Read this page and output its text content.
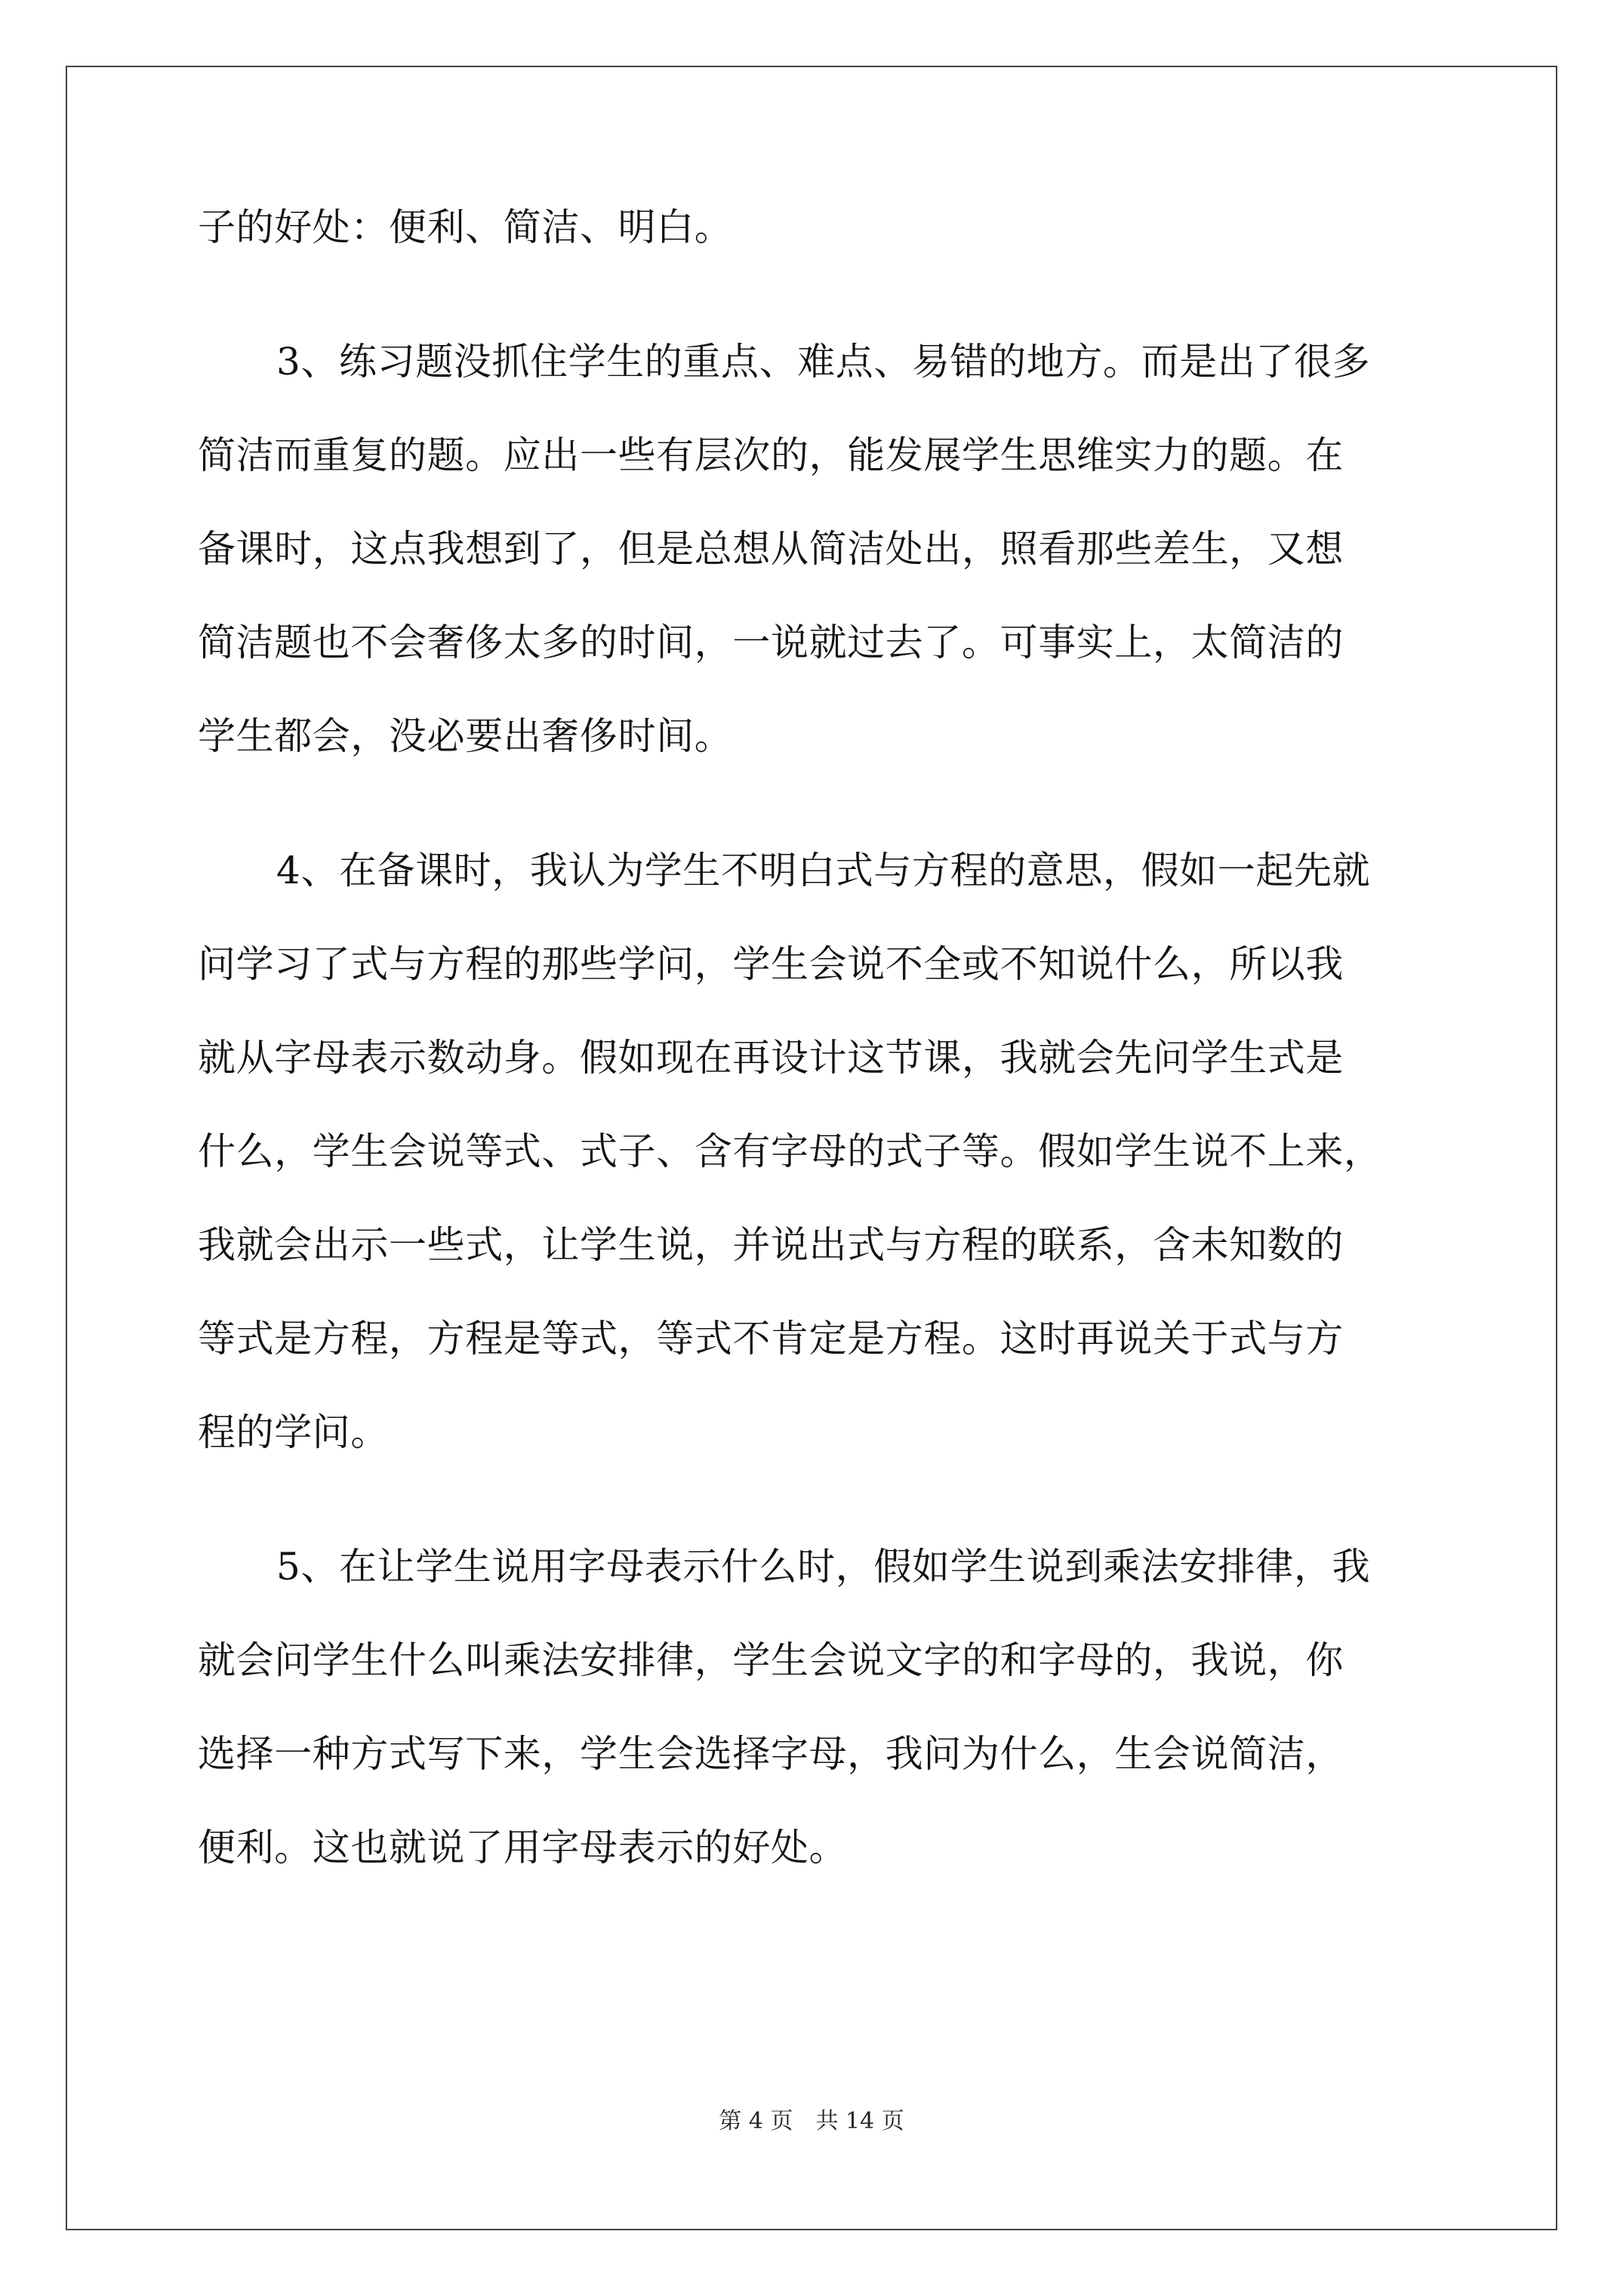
子的好处：便利、简洁、明白。
3、练习题没抓住学生的重点、难点、易错的地方。而是出了很多
简洁而重复的题。应出一些有层次的，能发展学生思维实力的题。在
备课时，这点我想到了，但是总想从简洁处出，照看那些差生，又想
简洁题也不会奢侈太多的时间，一说就过去了。可事实上，太简洁的
学生都会，没必要出奢侈时间。
4、在备课时，我认为学生不明白式与方程的意思，假如一起先就
问学习了式与方程的那些学问，学生会说不全或不知说什么，所以我
就从字母表示数动身。假如现在再设计这节课，我就会先问学生式是
什么，学生会说等式、式子、含有字母的式子等。假如学生说不上来，
我就会出示一些式，让学生说，并说出式与方程的联系，含未知数的
等式是方程，方程是等式，等式不肯定是方程。这时再说关于式与方
程的学问。
5、在让学生说用字母表示什么时，假如学生说到乘法安排律，我
就会问学生什么叫乘法安排律，学生会说文字的和字母的，我说，你
选择一种方式写下来，学生会选择字母，我问为什么，生会说简洁，
便利。这也就说了用字母表示的好处。
第 4 页　共 14 页
